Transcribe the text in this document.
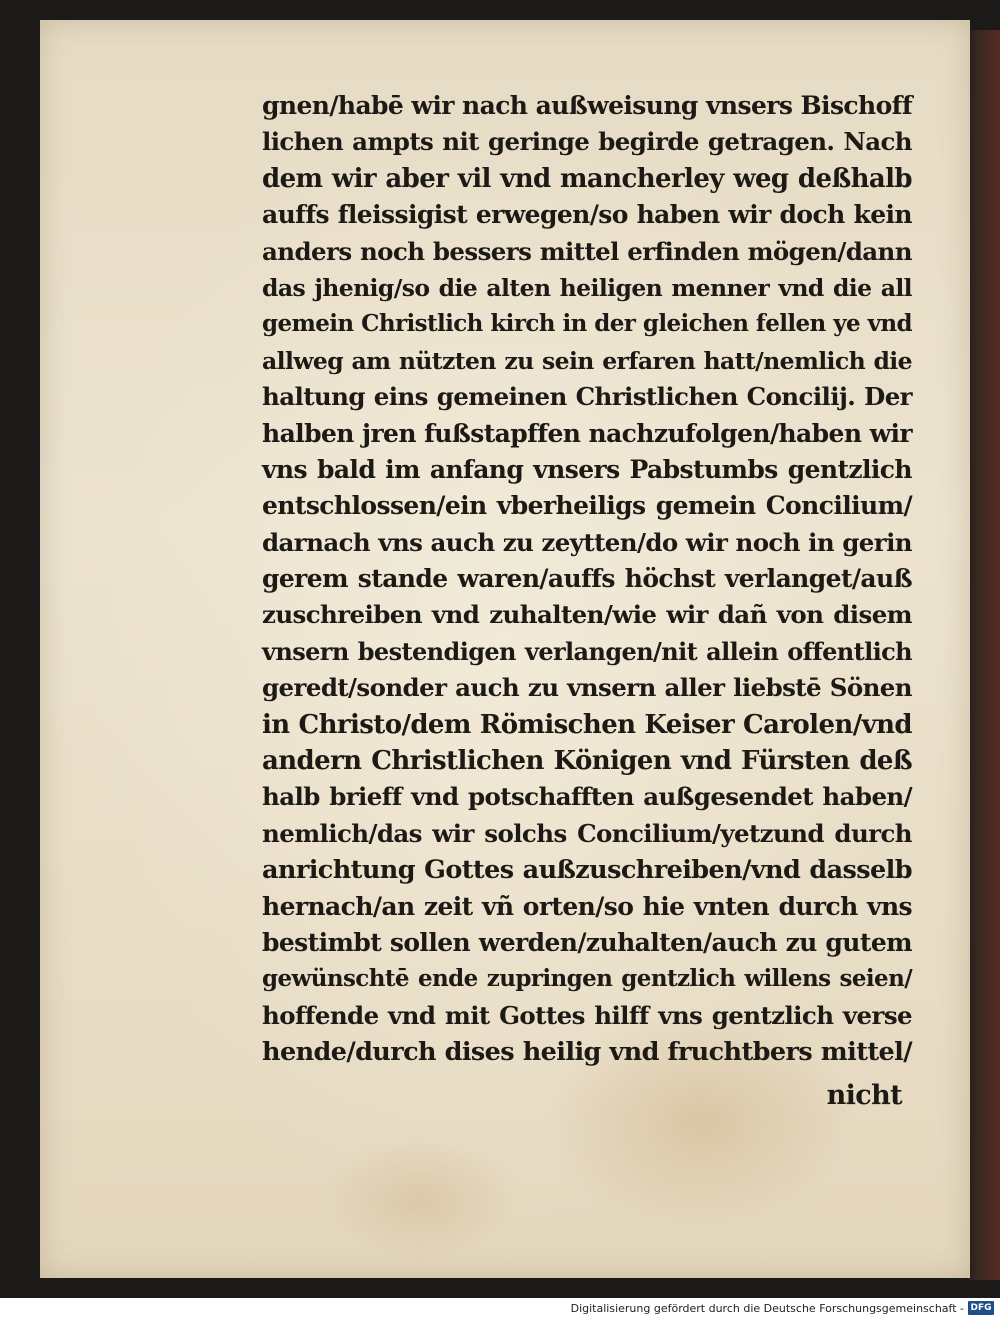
gnen/habē wir nach außweisung vnsers Bischoff
lichen ampts nit geringe begirde getragen. Nach
dem wir aber vil vnd mancherley weg deßhalb
auffs fleissigist erwegen/so haben wir doch kein
anders noch bessers mittel erfinden mögen/dann
das jhenig/so die alten heiligen menner vnd die all
gemein Christlich kirch in der gleichen fellen ye vnd
allweg am nützten zu sein erfaren hatt/nemlich die
haltung eins gemeinen Christlichen Concilij. Der
halben jren fußstapffen nachzufolgen/haben wir
vns bald im anfang vnsers Pabstumbs gentzlich
entschlossen/ein vberheiligs gemein Concilium/
darnach vns auch zu zeytten/do wir noch in gerin
gerem stande waren/auffs höchst verlanget/auß
zuschreiben vnd zuhalten/wie wir dañ von disem
vnsern bestendigen verlangen/nit allein offentlich
geredt/sonder auch zu vnsern aller liebstē Sönen
in Christo/dem Römischen Keiser Carolen/vnd
andern Christlichen Königen vnd Fürsten deß
halb brieff vnd potschafften außgesendet haben/
nemlich/das wir solchs Concilium/yetzund durch
anrichtung Gottes außzuschreiben/vnd dasselb
hernach/an zeit vñ orten/so hie vnten durch vns
bestimbt sollen werden/zuhalten/auch zu gutem
gewünschtē ende zupringen gentzlich willens seien/
hoffende vnd mit Gottes hilff vns gentzlich verse
hende/durch dises heilig vnd fruchtbers mittel/
nicht
Digitalisierung gefördert durch die Deutsche Forschungsgemeinschaft - DFG
